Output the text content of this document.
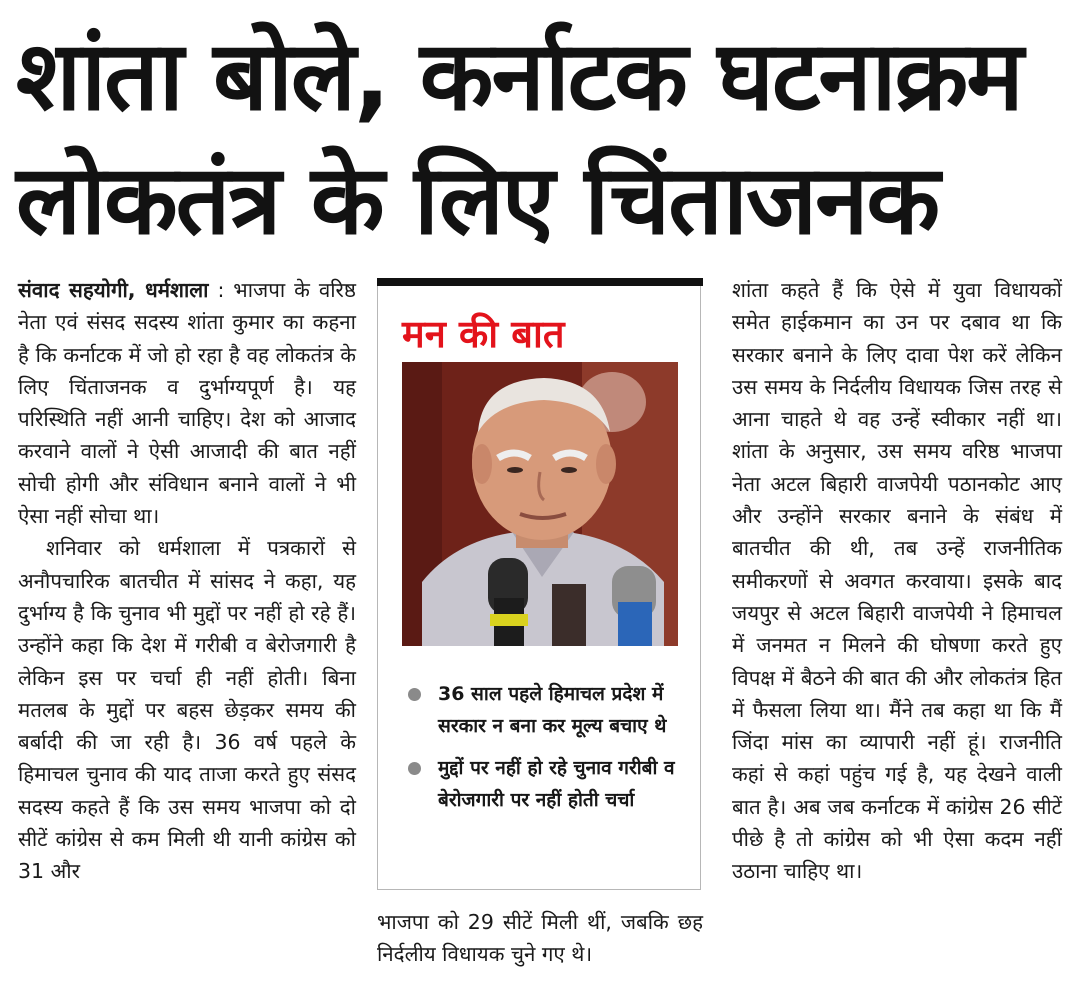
शांता बोले, कर्नाटक घटनाक्रम
लोकतंत्र के लिए चिंताजनक

संवाद सहयोगी, धर्मशाला : भाजपा के वरिष्ठ नेता एवं संसद सदस्य शांता कुमार का कहना है कि कर्नाटक में जो हो रहा है वह लोकतंत्र के लिए चिंताजनक व दुर्भाग्यपूर्ण है। यह परिस्थिति नहीं आनी चाहिए। देश को आजाद करवाने वालों ने ऐसी आजादी की बात नहीं सोची होगी और संविधान बनाने वालों ने भी ऐसा नहीं सोचा था।

शनिवार को धर्मशाला में पत्रकारों से अनौपचारिक बातचीत में सांसद ने कहा, यह दुर्भाग्य है कि चुनाव भी मुद्दों पर नहीं हो रहे हैं। उन्होंने कहा कि देश में गरीबी व बेरोजगारी है लेकिन इस पर चर्चा ही नहीं होती। बिना मतलब के मुद्दों पर बहस छेड़कर समय की बर्बादी की जा रही है। 36 वर्ष पहले के हिमाचल चुनाव की याद ताजा करते हुए संसद सदस्य कहते हैं कि उस समय भाजपा को दो सीटें कांग्रेस से कम मिली थी यानी कांग्रेस को 31 और

मन की बात
36 साल पहले हिमाचल प्रदेश में सरकार न बना कर मूल्य बचाए थे
मुद्दों पर नहीं हो रहे चुनाव गरीबी व बेरोजगारी पर नहीं होती चर्चा

भाजपा को 29 सीटें मिली थीं, जबकि छह निर्दलीय विधायक चुने गए थे।

शांता कहते हैं कि ऐसे में युवा विधायकों समेत हाईकमान का उन पर दबाव था कि सरकार बनाने के लिए दावा पेश करें लेकिन उस समय के निर्दलीय विधायक जिस तरह से आना चाहते थे वह उन्हें स्वीकार नहीं था। शांता के अनुसार, उस समय वरिष्ठ भाजपा नेता अटल बिहारी वाजपेयी पठानकोट आए और उन्होंने सरकार बनाने के संबंध में बातचीत की थी, तब उन्हें राजनीतिक समीकरणों से अवगत करवाया। इसके बाद जयपुर से अटल बिहारी वाजपेयी ने हिमाचल में जनमत न मिलने की घोषणा करते हुए विपक्ष में बैठने की बात की और लोकतंत्र हित में फैसला लिया था। मैंने तब कहा था कि मैं जिंदा मांस का व्यापारी नहीं हूं। राजनीति कहां से कहां पहुंच गई है, यह देखने वाली बात है। अब जब कर्नाटक में कांग्रेस 26 सीटें पीछे है तो कांग्रेस को भी ऐसा कदम नहीं उठाना चाहिए था।
